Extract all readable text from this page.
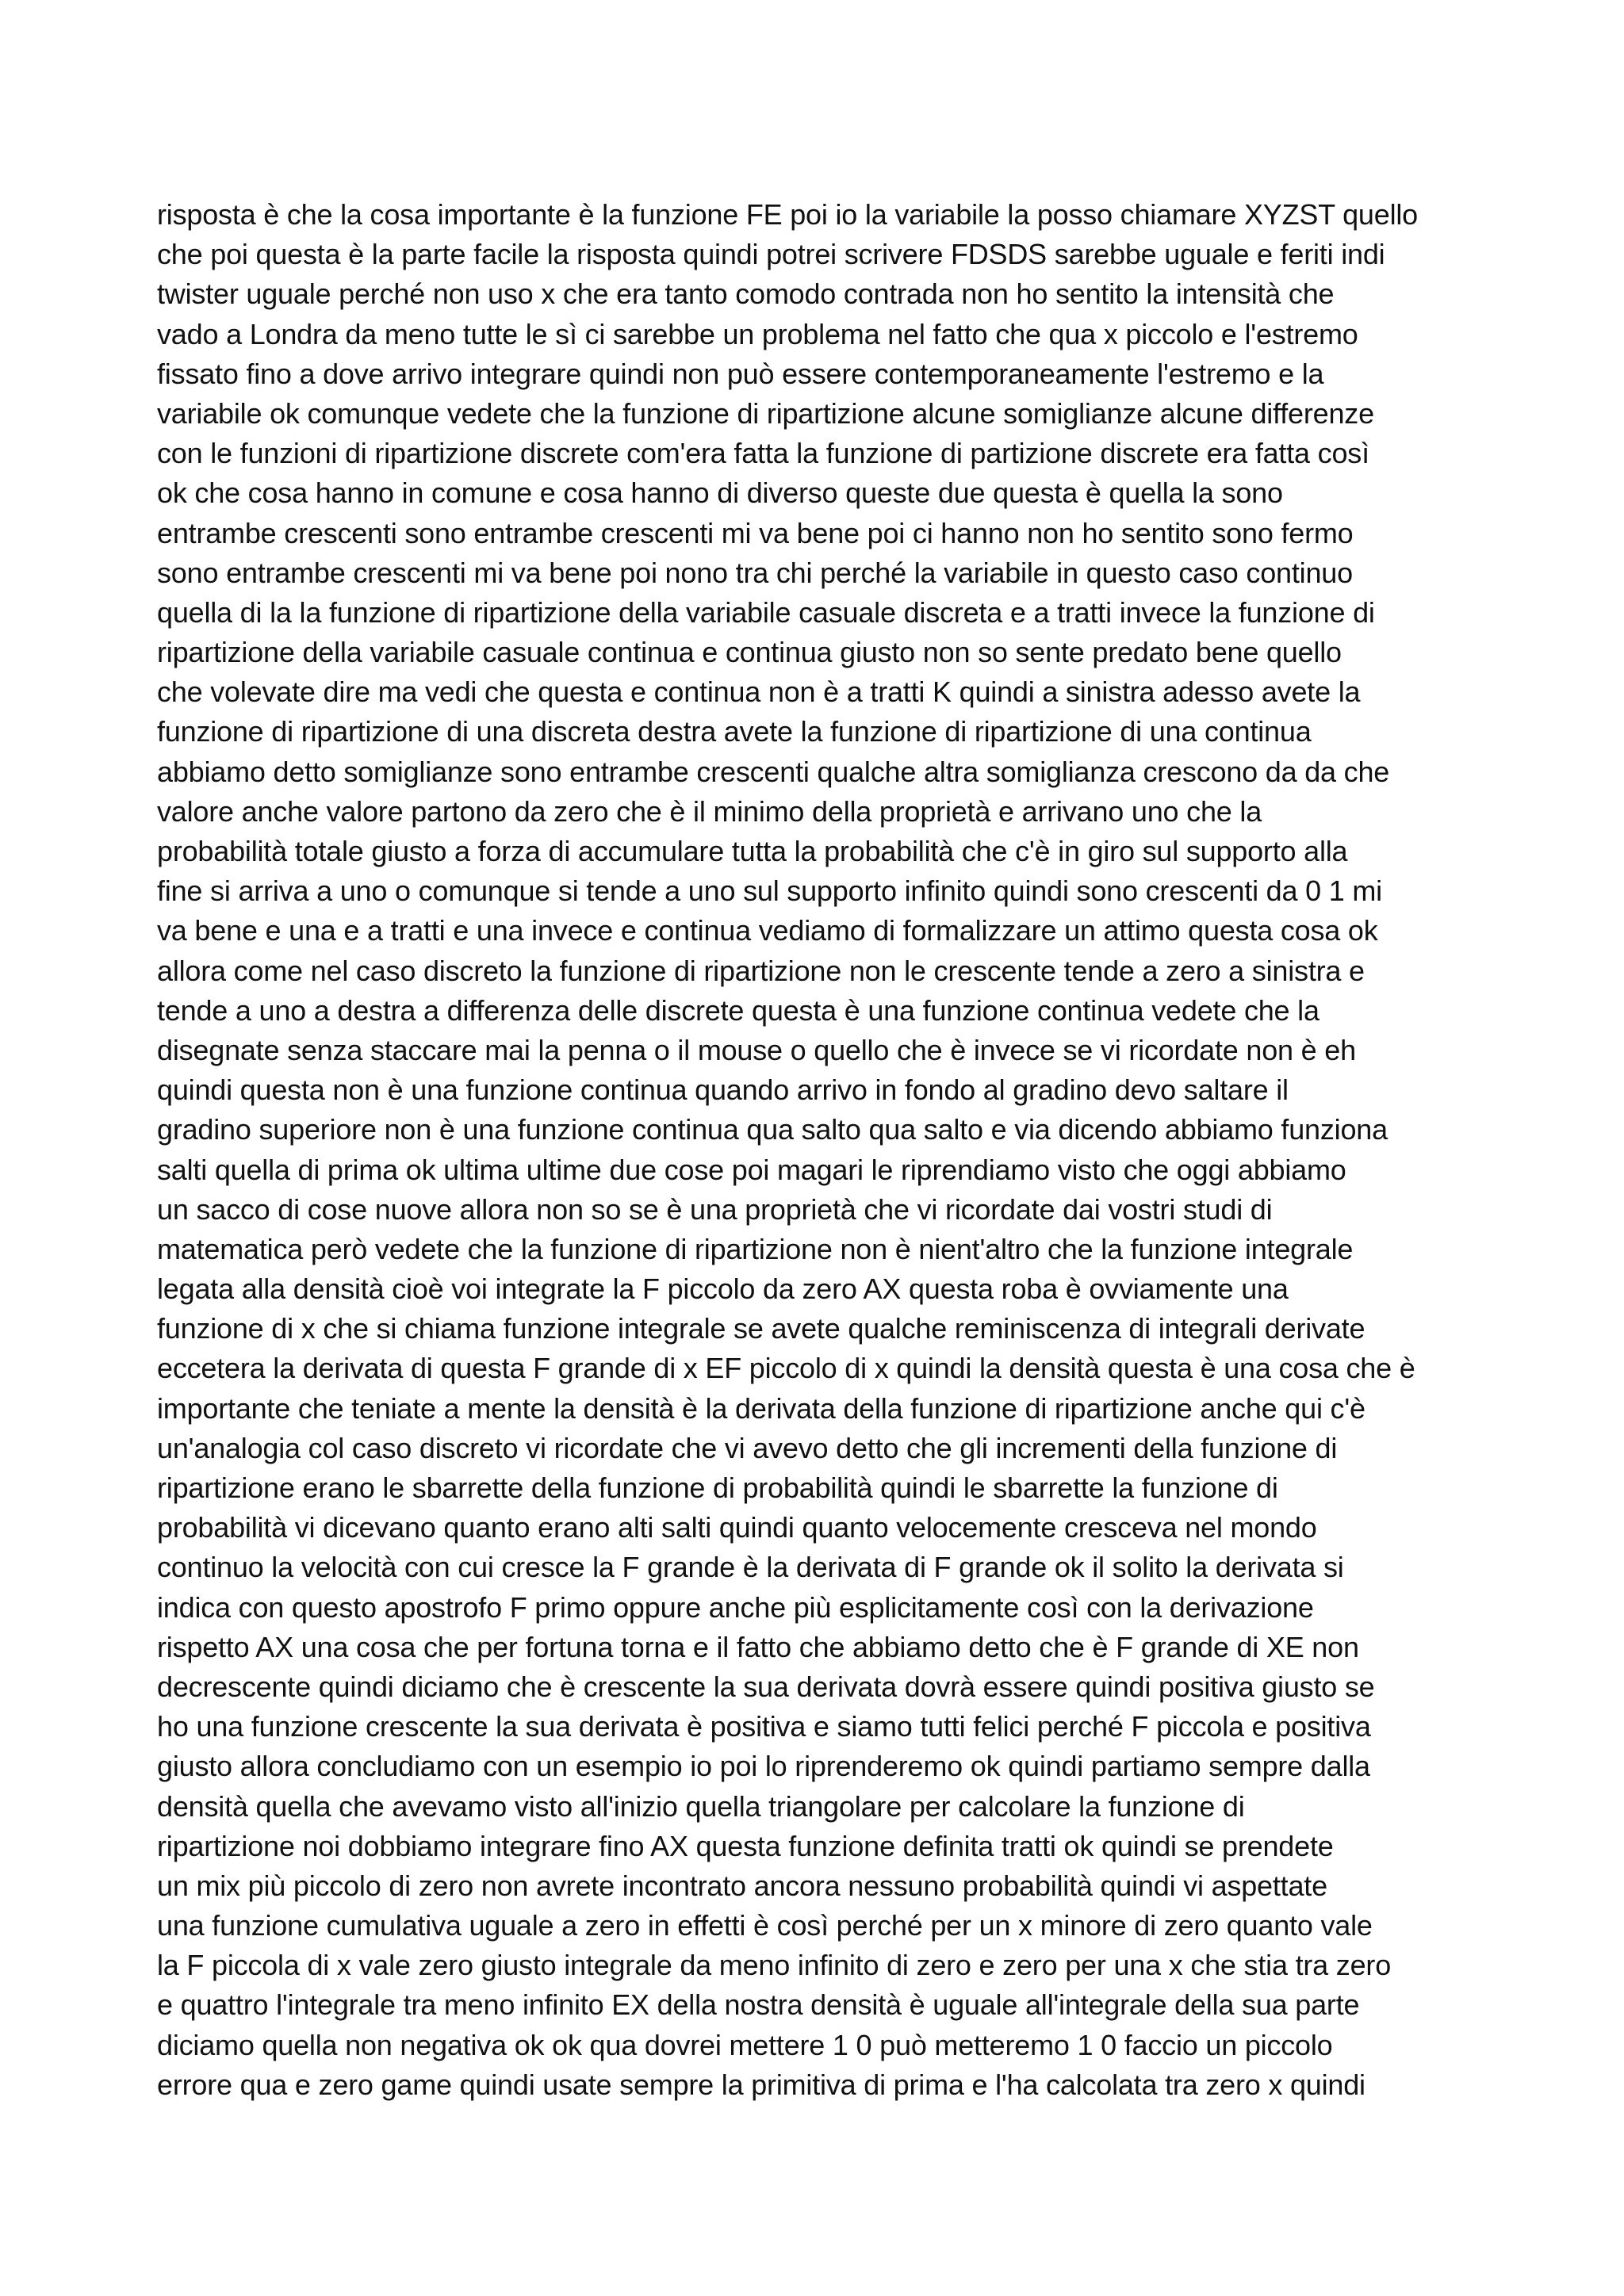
risposta è che la cosa importante è la funzione FE poi io la variabile la posso chiamare XYZST quello
che poi questa è la parte facile la risposta quindi potrei scrivere FDSDS sarebbe uguale e feriti indi
twister uguale perché non uso x che era tanto comodo contrada non ho sentito la intensità che
vado a Londra da meno tutte le sì ci sarebbe un problema nel fatto che qua x piccolo e l'estremo
fissato fino a dove arrivo integrare quindi non può essere contemporaneamente l'estremo e la
variabile ok comunque vedete che la funzione di ripartizione alcune somiglianze alcune differenze
con le funzioni di ripartizione discrete com'era fatta la funzione di partizione discrete era fatta così
ok che cosa hanno in comune e cosa hanno di diverso queste due questa è quella la sono
entrambe crescenti sono entrambe crescenti mi va bene poi ci hanno non ho sentito sono fermo
sono entrambe crescenti mi va bene poi nono tra chi perché la variabile in questo caso continuo
quella di la la funzione di ripartizione della variabile casuale discreta e a tratti invece la funzione di
ripartizione della variabile casuale continua e continua giusto non so sente predato bene quello
che volevate dire ma vedi che questa e continua non è a tratti K quindi a sinistra adesso avete la
funzione di ripartizione di una discreta destra avete la funzione di ripartizione di una continua
abbiamo detto somiglianze sono entrambe crescenti qualche altra somiglianza crescono da da che
valore anche valore partono da zero che è il minimo della proprietà e arrivano uno che la
probabilità totale giusto a forza di accumulare tutta la probabilità che c'è in giro sul supporto alla
fine si arriva a uno o comunque si tende a uno sul supporto infinito quindi sono crescenti da 0 1 mi
va bene e una e a tratti e una invece e continua vediamo di formalizzare un attimo questa cosa ok
allora come nel caso discreto la funzione di ripartizione non le crescente tende a zero a sinistra e
tende a uno a destra a differenza delle discrete questa è una funzione continua vedete che la
disegnate senza staccare mai la penna o il mouse o quello che è invece se vi ricordate non è eh
quindi questa non è una funzione continua quando arrivo in fondo al gradino devo saltare il
gradino superiore non è una funzione continua qua salto qua salto e via dicendo abbiamo funziona
salti quella di prima ok ultima ultime due cose poi magari le riprendiamo visto che oggi abbiamo
un sacco di cose nuove allora non so se è una proprietà che vi ricordate dai vostri studi di
matematica però vedete che la funzione di ripartizione non è nient'altro che la funzione integrale
legata alla densità cioè voi integrate la F piccolo da zero AX questa roba è ovviamente una
funzione di x che si chiama funzione integrale se avete qualche reminiscenza di integrali derivate
eccetera la derivata di questa F grande di x EF piccolo di x quindi la densità questa è una cosa che è
importante che teniate a mente la densità è la derivata della funzione di ripartizione anche qui c'è
un'analogia col caso discreto vi ricordate che vi avevo detto che gli incrementi della funzione di
ripartizione erano le sbarrette della funzione di probabilità quindi le sbarrette la funzione di
probabilità vi dicevano quanto erano alti salti quindi quanto velocemente cresceva nel mondo
continuo la velocità con cui cresce la F grande è la derivata di F grande ok il solito la derivata si
indica con questo apostrofo F primo oppure anche più esplicitamente così con la derivazione
rispetto AX una cosa che per fortuna torna e il fatto che abbiamo detto che è F grande di XE non
decrescente quindi diciamo che è crescente la sua derivata dovrà essere quindi positiva giusto se
ho una funzione crescente la sua derivata è positiva e siamo tutti felici perché F piccola e positiva
giusto allora concludiamo con un esempio io poi lo riprenderemo ok quindi partiamo sempre dalla
densità quella che avevamo visto all'inizio quella triangolare per calcolare la funzione di
ripartizione noi dobbiamo integrare fino AX questa funzione definita tratti ok quindi se prendete
un mix più piccolo di zero non avrete incontrato ancora nessuno probabilità quindi vi aspettate
una funzione cumulativa uguale a zero in effetti è così perché per un x minore di zero quanto vale
la F piccola di x vale zero giusto integrale da meno infinito di zero e zero per una x che stia tra zero
e quattro l'integrale tra meno infinito EX della nostra densità è uguale all'integrale della sua parte
diciamo quella non negativa ok ok qua dovrei mettere 1 0 può metteremo 1 0 faccio un piccolo
errore qua e zero game quindi usate sempre la primitiva di prima e l'ha calcolata tra zero x quindi
